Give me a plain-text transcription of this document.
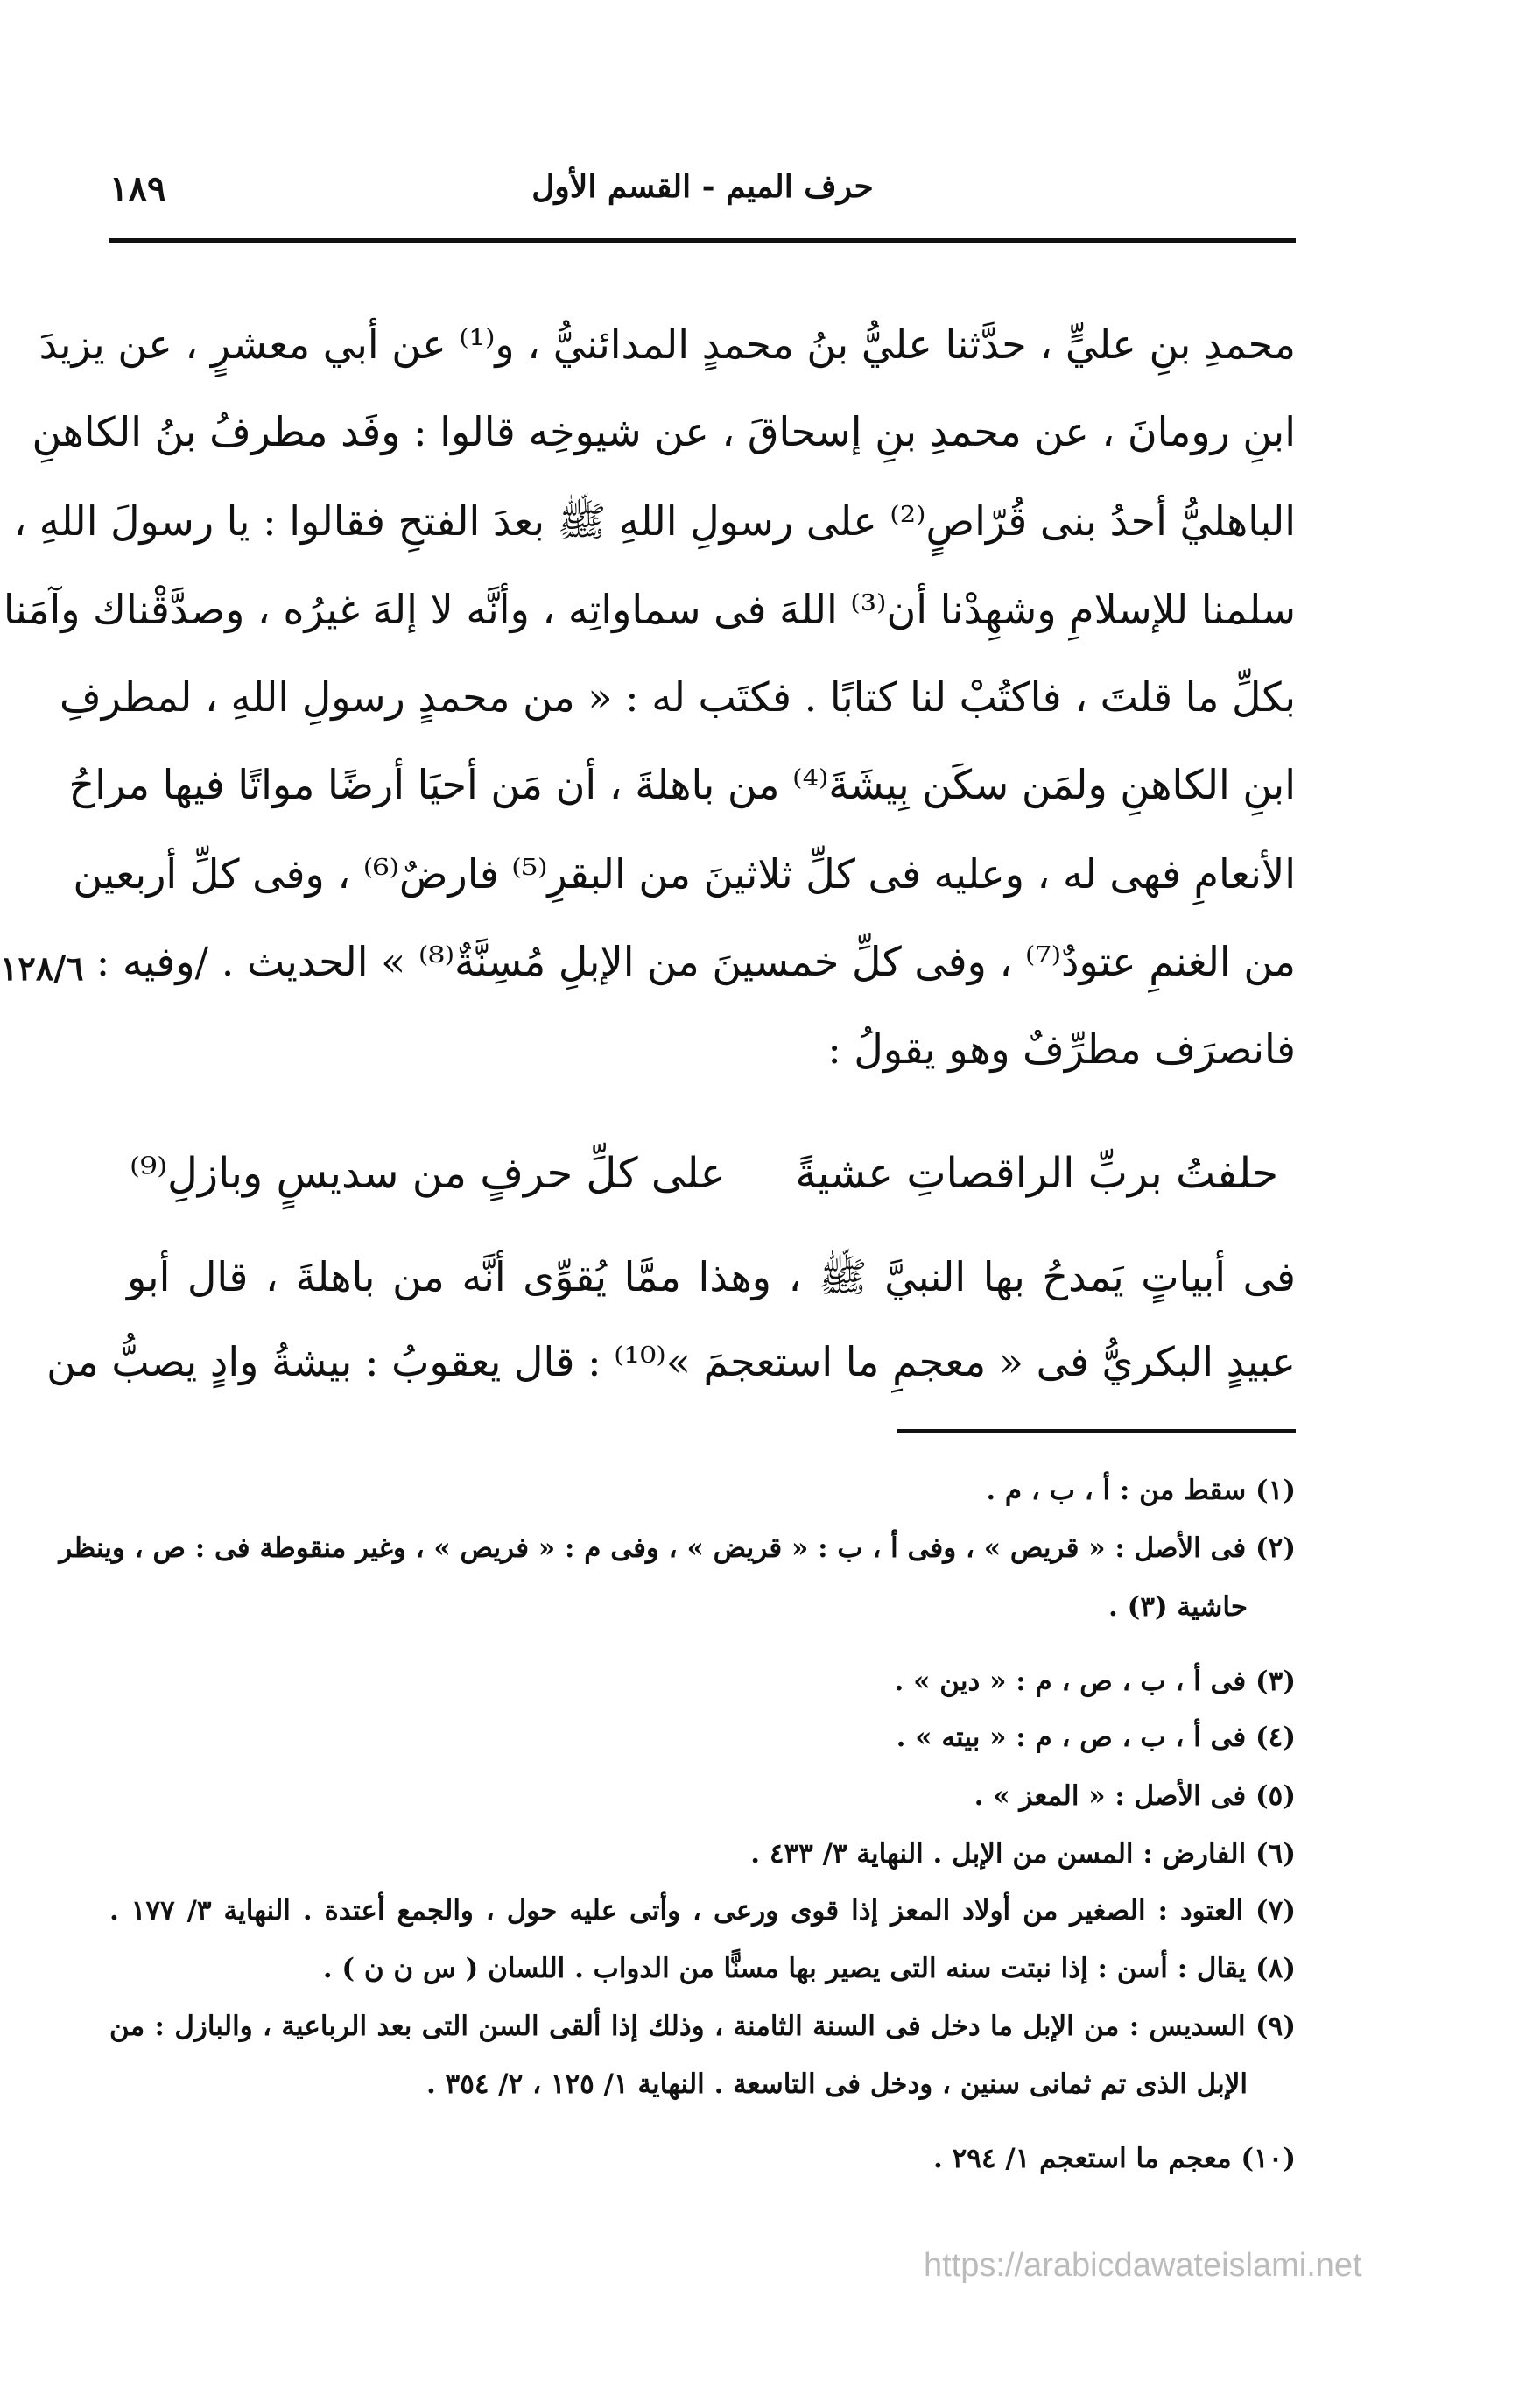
١٨٩	حرف الميم - القسم الأول
محمدِ بنِ عليٍّ ، حدَّثنا عليُّ بنُ محمدٍ المدائنيُّ ، و⁽¹⁾ عن أبي معشرٍ ، عن يزيدَ
ابنِ رومانَ ، عن محمدِ بنِ إسحاقَ ، عن شيوخِه قالوا : وفَد مطرفُ بنُ الكاهنِ
الباهليُّ أحدُ بنى قُرّاصٍ⁽²⁾ على رسولِ اللهِ ﷺ بعدَ الفتحِ فقالوا : يا رسولَ اللهِ ،
سلمنا للإسلامِ وشهِدْنا أن⁽³⁾ اللهَ فى سماواتِه ، وأنَّه لا إلهَ غيرُه ، وصدَّقْناك وآمَنا
بكلِّ ما قلتَ ، فاكتُبْ لنا كتابًا . فكتَب له : « من محمدٍ رسولِ اللهِ ، لمطرفِ
ابنِ الكاهنِ ولمَن سكَن بِيشَةَ⁽⁴⁾ من باهلةَ ، أن مَن أحيَا أرضًا مواتًا فيها مراحُ
الأنعامِ فهى له ، وعليه فى كلِّ ثلاثينَ من البقرِ⁽⁵⁾ فارضٌ⁽⁶⁾ ، وفى كلِّ أربعين
من الغنمِ عتودٌ⁽⁷⁾ ، وفى كلِّ خمسينَ من الإبلِ مُسِنَّةٌ⁽⁸⁾ » الحديث . /وفيه :
فانصرَف مطرِّفٌ وهو يقولُ :
١٢٨/٦
حلفتُ بربِّ الراقصاتِ عشيةًعلى كلِّ حرفٍ من سديسٍ وبازلِ⁽⁹⁾
فى أبياتٍ يَمدحُ بها النبيَّ ﷺ ، وهذا ممَّا يُقوِّى أنَّه من باهلةَ ، قال أبو
عبيدٍ البكريُّ فى « معجمِ ما استعجمَ »⁽¹⁰⁾ : قال يعقوبُ : بيشةُ وادٍ يصبُّ من
(١) سقط من : أ ، ب ، م .
(٢) فى الأصل : « قريص » ، وفى أ ، ب : « قريض » ، وفى م : « فريص » ، وغير منقوطة فى : ص ، وينظر
حاشية (٣) .
(٣) فى أ ، ب ، ص ، م : « دين » .
(٤) فى أ ، ب ، ص ، م : « بيته » .
(٥) فى الأصل : « المعز » .
(٦) الفارض : المسن من الإبل . النهاية ٣/ ٤٣٣ .
(٧) العتود : الصغير من أولاد المعز إذا قوى ورعى ، وأتى عليه حول ، والجمع أعتدة . النهاية ٣/ ١٧٧ .
(٨) يقال : أسن : إذا نبتت سنه التى يصير بها مسنًّا من الدواب . اللسان ( س ن ن ) .
(٩) السديس : من الإبل ما دخل فى السنة الثامنة ، وذلك إذا ألقى السن التى بعد الرباعية ، والبازل : من
الإبل الذى تم ثمانى سنين ، ودخل فى التاسعة . النهاية ١/ ١٢٥ ، ٢/ ٣٥٤ .
(١٠) معجم ما استعجم ١/ ٢٩٤ .
https://arabicdawateislami.net
